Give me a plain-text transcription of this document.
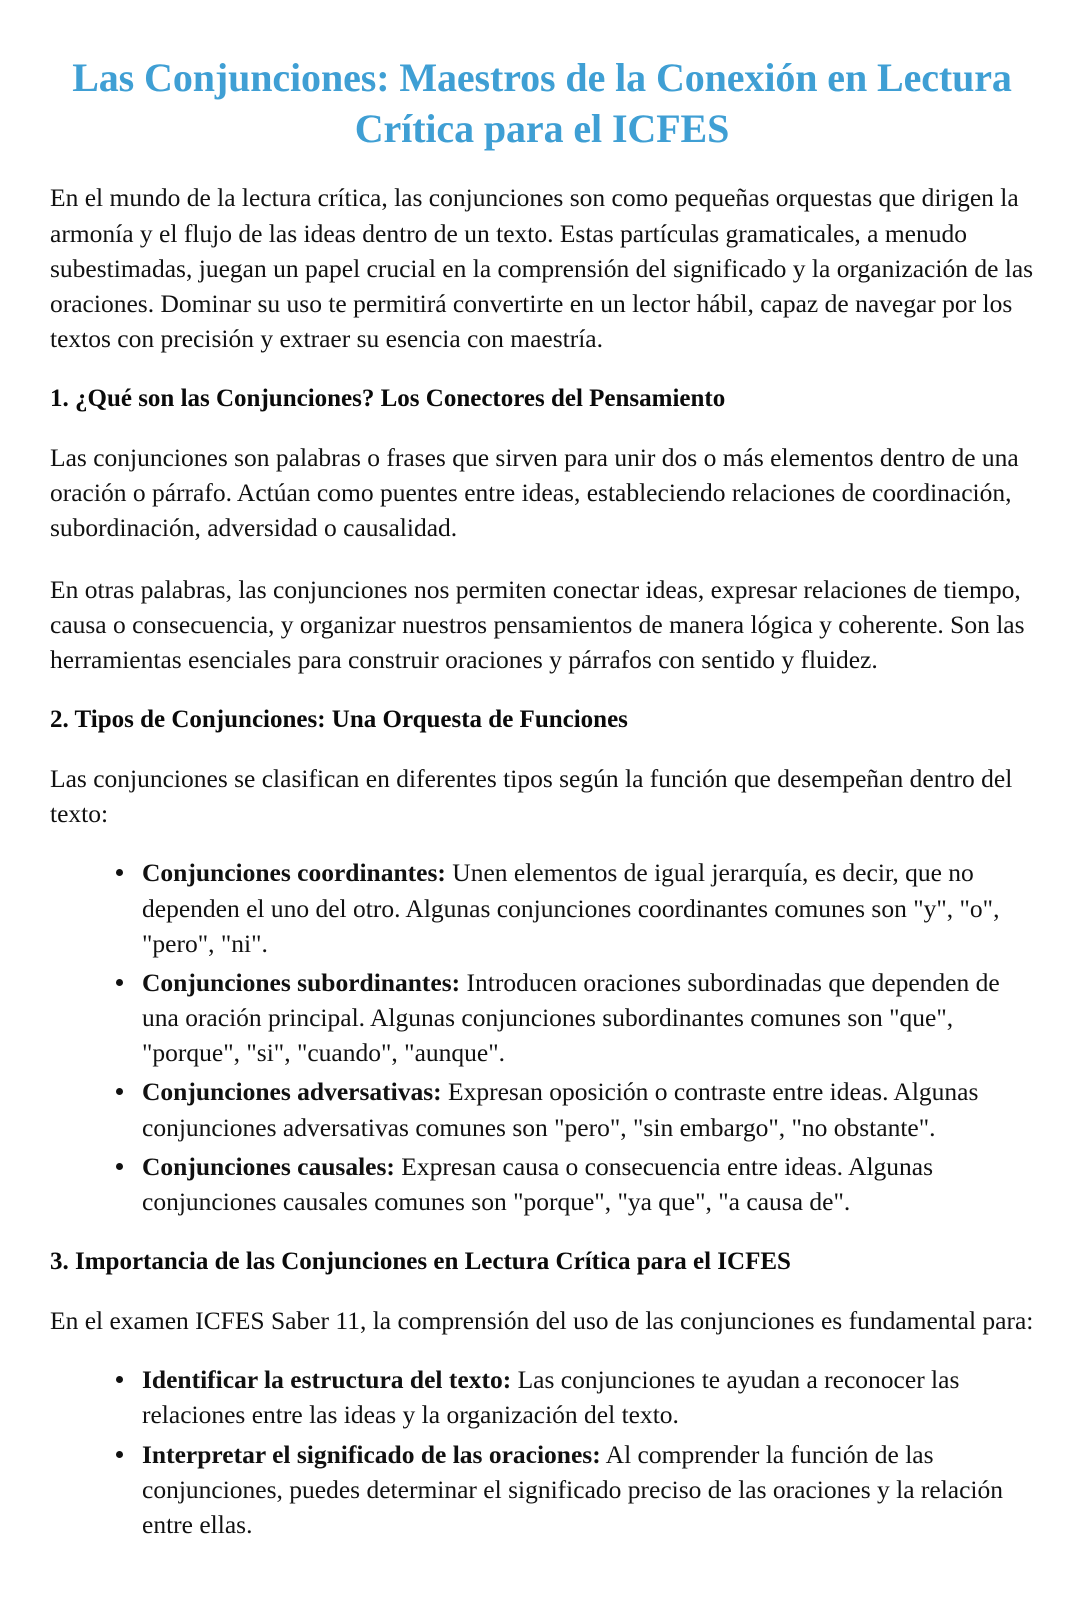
Las Conjunciones: Maestros de la Conexión en Lectura Crítica para el ICFES

En el mundo de la lectura crítica, las conjunciones son como pequeñas orquestas que dirigen la armonía y el flujo de las ideas dentro de un texto. Estas partículas gramaticales, a menudo subestimadas, juegan un papel crucial en la comprensión del significado y la organización de las oraciones. Dominar su uso te permitirá convertirte en un lector hábil, capaz de navegar por los textos con precisión y extraer su esencia con maestría.

1. ¿Qué son las Conjunciones? Los Conectores del Pensamiento

Las conjunciones son palabras o frases que sirven para unir dos o más elementos dentro de una oración o párrafo. Actúan como puentes entre ideas, estableciendo relaciones de coordinación, subordinación, adversidad o causalidad.

En otras palabras, las conjunciones nos permiten conectar ideas, expresar relaciones de tiempo, causa o consecuencia, y organizar nuestros pensamientos de manera lógica y coherente. Son las herramientas esenciales para construir oraciones y párrafos con sentido y fluidez.

2. Tipos de Conjunciones: Una Orquesta de Funciones

Las conjunciones se clasifican en diferentes tipos según la función que desempeñan dentro del texto:

Conjunciones coordinantes: Unen elementos de igual jerarquía, es decir, que no dependen el uno del otro. Algunas conjunciones coordinantes comunes son "y", "o", "pero", "ni".
Conjunciones subordinantes: Introducen oraciones subordinadas que dependen de una oración principal. Algunas conjunciones subordinantes comunes son "que", "porque", "si", "cuando", "aunque".
Conjunciones adversativas: Expresan oposición o contraste entre ideas. Algunas conjunciones adversativas comunes son "pero", "sin embargo", "no obstante".
Conjunciones causales: Expresan causa o consecuencia entre ideas. Algunas conjunciones causales comunes son "porque", "ya que", "a causa de".
3. Importancia de las Conjunciones en Lectura Crítica para el ICFES

En el examen ICFES Saber 11, la comprensión del uso de las conjunciones es fundamental para:

Identificar la estructura del texto: Las conjunciones te ayudan a reconocer las relaciones entre las ideas y la organización del texto.
Interpretar el significado de las oraciones: Al comprender la función de las conjunciones, puedes determinar el significado preciso de las oraciones y la relación entre ellas.
